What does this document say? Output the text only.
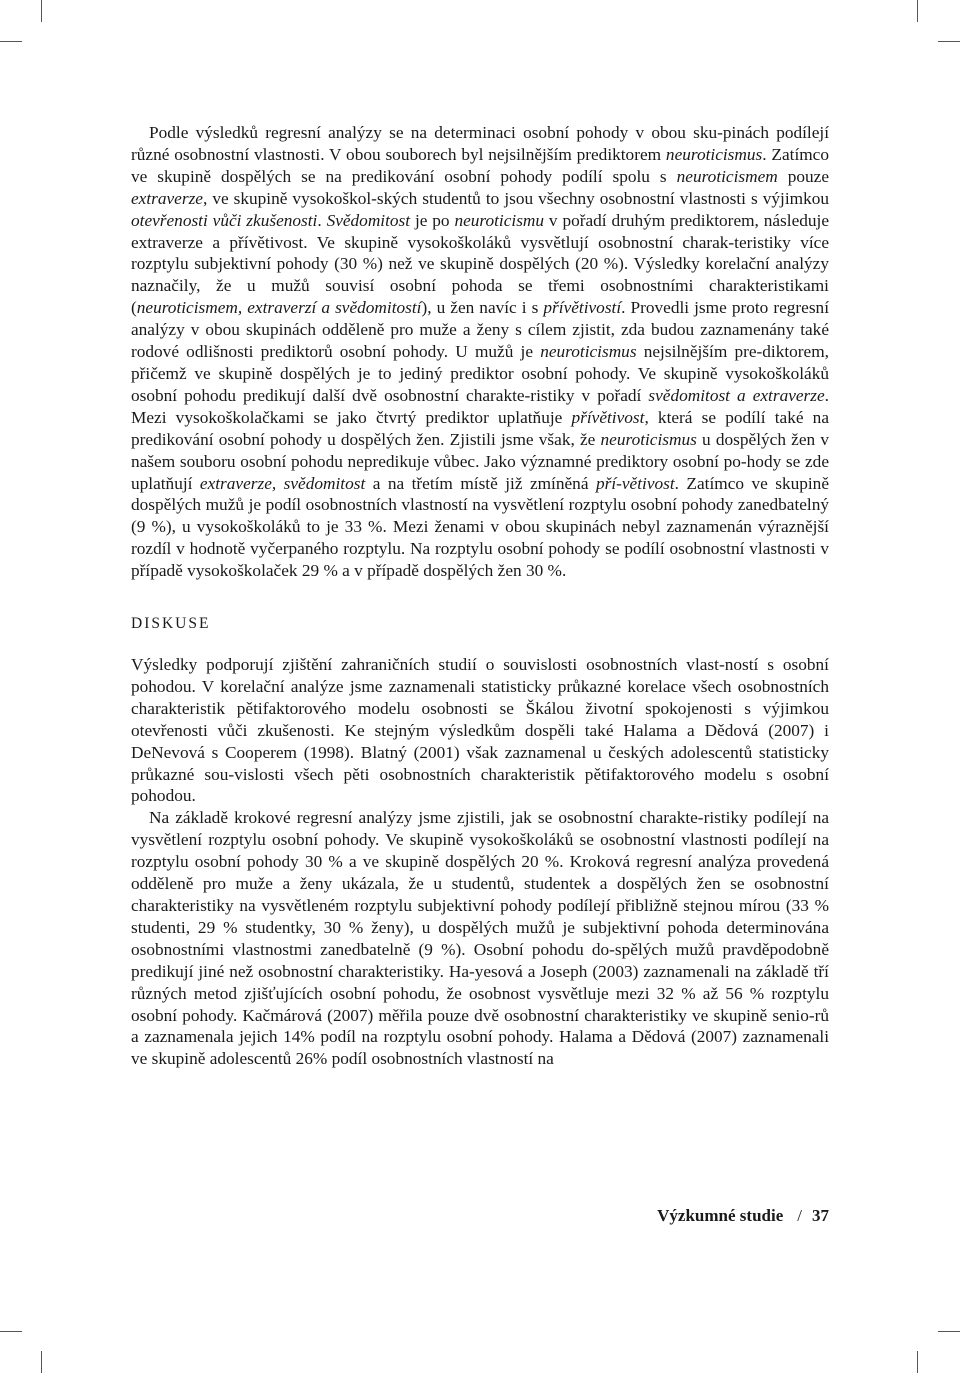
Podle výsledků regresní analýzy se na determinaci osobní pohody v obou sku-pinách podílejí různé osobnostní vlastnosti. V obou souborech byl nejsilnějším prediktorem neuroticismus. Zatímco ve skupině dospělých se na predikování osobní pohody podílí spolu s neuroticismem pouze extraverze, ve skupině vysokoškol-ských studentů to jsou všechny osobnostní vlastnosti s výjimkou otevřenosti vůči zkušenosti. Svědomitost je po neuroticismu v pořadí druhým prediktorem, následuje extraverze a přívětivost. Ve skupině vysokoškoláků vysvětlují osobnostní charak-teristiky více rozptylu subjektivní pohody (30 %) než ve skupině dospělých (20 %). Výsledky korelační analýzy naznačily, že u mužů souvisí osobní pohoda se třemi osobnostními charakteristikami (neuroticismem, extraverzí a svědomitostí), u žen navíc i s přívětivostí. Provedli jsme proto regresní analýzy v obou skupinách odděleně pro muže a ženy s cílem zjistit, zda budou zaznamenány také rodové odlišnosti prediktorů osobní pohody. U mužů je neuroticismus nejsilnějším pre-diktorem, přičemž ve skupině dospělých je to jediný prediktor osobní pohody. Ve skupině vysokoškoláků osobní pohodu predikují další dvě osobnostní charakte-ristiky v pořadí svědomitost a extraverze. Mezi vysokoškolačkami se jako čtvrtý prediktor uplatňuje přívětivost, která se podílí také na predikování osobní pohody u dospělých žen. Zjistili jsme však, že neuroticismus u dospělých žen v našem souboru osobní pohodu nepredikuje vůbec. Jako významné prediktory osobní po-hody se zde uplatňují extraverze, svědomitost a na třetím místě již zmíněná pří-větivost. Zatímco ve skupině dospělých mužů je podíl osobnostních vlastností na vysvětlení rozptylu osobní pohody zanedbatelný (9 %), u vysokoškoláků to je 33 %. Mezi ženami v obou skupinách nebyl zaznamenán výraznější rozdíl v hodnotě vyčerpaného rozptylu. Na rozptylu osobní pohody se podílí osobnostní vlastnosti v případě vysokoškolaček 29 % a v případě dospělých žen 30 %.

DISKUSE

Výsledky podporují zjištění zahraničních studií o souvislosti osobnostních vlast-ností s osobní pohodou. V korelační analýze jsme zaznamenali statisticky průkazné korelace všech osobnostních charakteristik pětifaktorového modelu osobnosti se Škálou životní spokojenosti s výjimkou otevřenosti vůči zkušenosti. Ke stejným výsledkům dospěli také Halama a Dědová (2007) i DeNevová s Cooperem (1998). Blatný (2001) však zaznamenal u českých adolescentů statisticky průkazné sou-vislosti všech pěti osobnostních charakteristik pětifaktorového modelu s osobní pohodou.

Na základě krokové regresní analýzy jsme zjistili, jak se osobnostní charakte-ristiky podílejí na vysvětlení rozptylu osobní pohody. Ve skupině vysokoškoláků se osobnostní vlastnosti podílejí na rozptylu osobní pohody 30 % a ve skupině dospělých 20 %. Kroková regresní analýza provedená odděleně pro muže a ženy ukázala, že u studentů, studentek a dospělých žen se osobnostní charakteristiky na vysvětleném rozptylu subjektivní pohody podílejí přibližně stejnou mírou (33 % studenti, 29 % studentky, 30 % ženy), u dospělých mužů je subjektivní pohoda determinována osobnostními vlastnostmi zanedbatelně (9 %). Osobní pohodu do-spělých mužů pravděpodobně predikují jiné než osobnostní charakteristiky. Ha-yesová a Joseph (2003) zaznamenali na základě tří různých metod zjišťujících osobní pohodu, že osobnost vysvětluje mezi 32 % až 56 % rozptylu osobní pohody. Kačmárová (2007) měřila pouze dvě osobnostní charakteristiky ve skupině senio-rů a zaznamenala jejich 14% podíl na rozptylu osobní pohody. Halama a Dědová (2007) zaznamenali ve skupině adolescentů 26% podíl osobnostních vlastností na

Výzkumné studie / 37
